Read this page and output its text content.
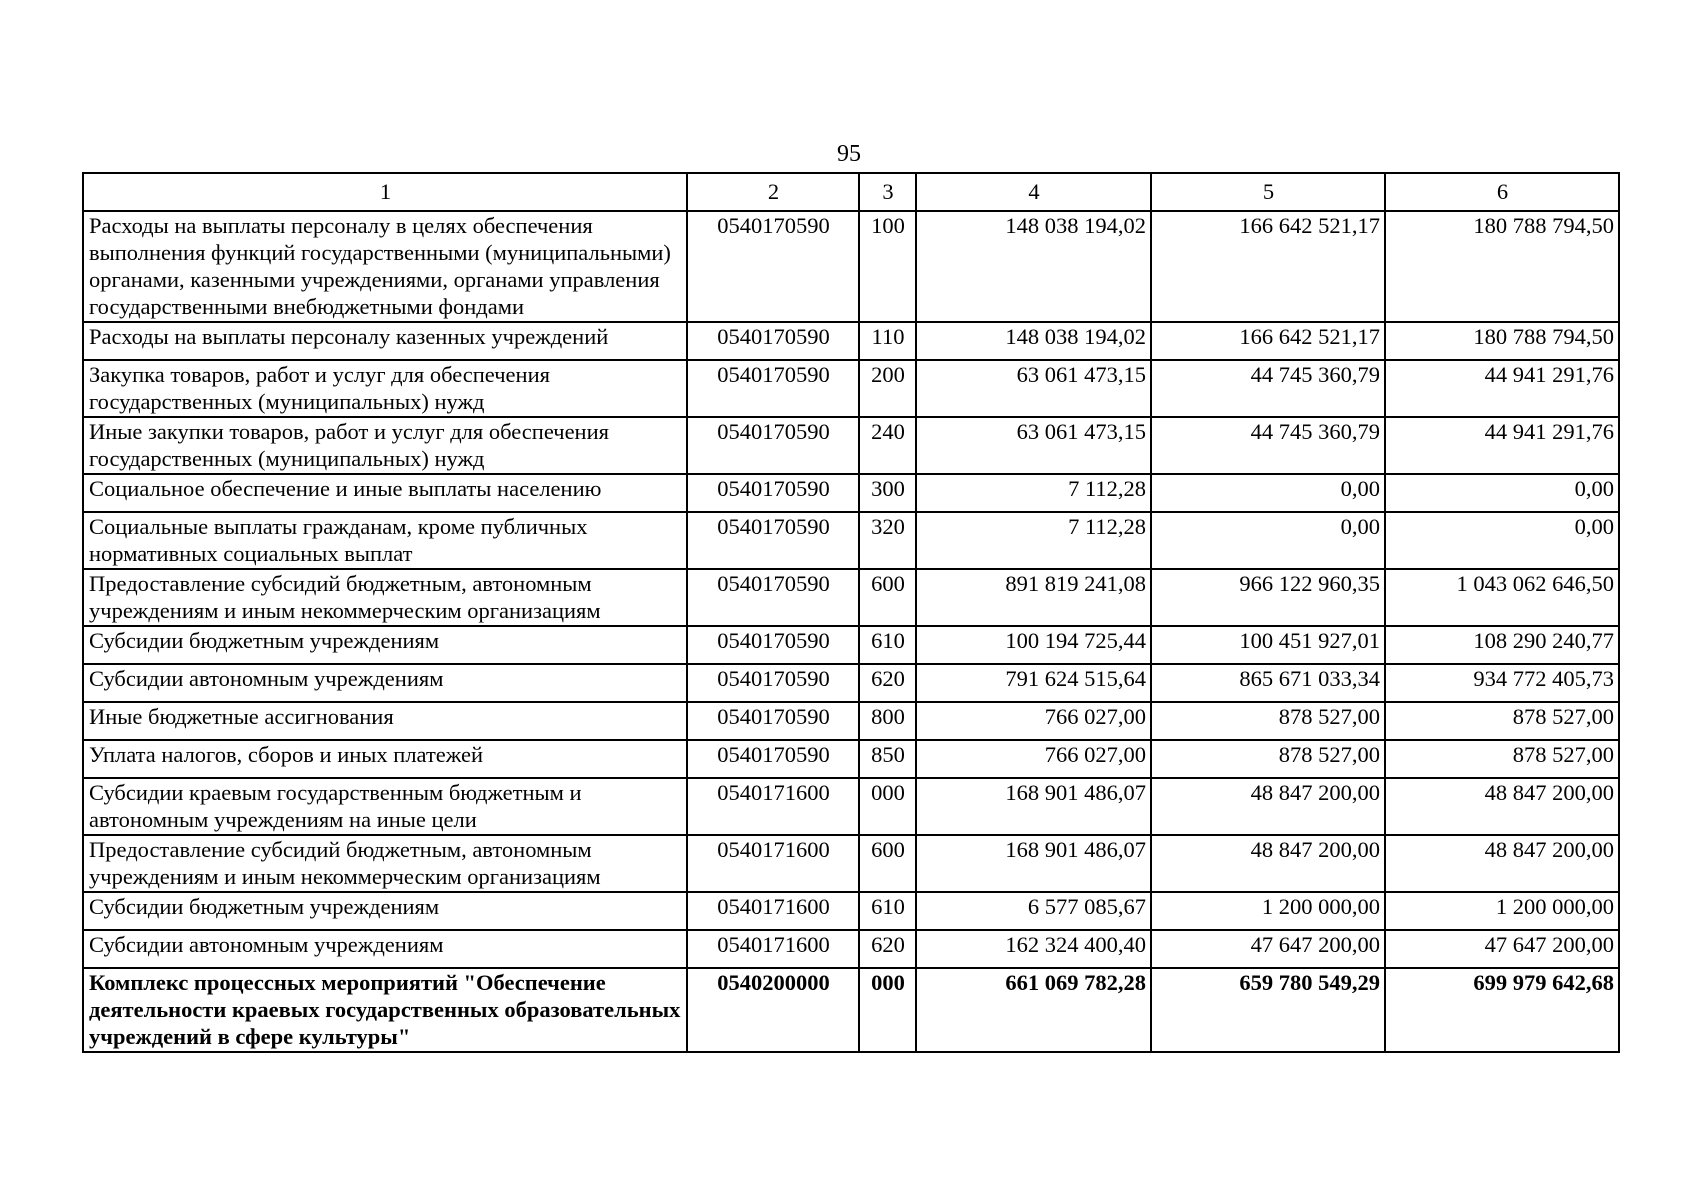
95
1	2	3	4	5	6
Расходы на выплаты персоналу в целях обеспечения выполнения функций государственными (муниципальными) органами, казенными учреждениями, органами управления государственными внебюджетными фондами	0540170590	100	148 038 194,02	166 642 521,17	180 788 794,50
Расходы на выплаты персоналу казенных учреждений	0540170590	110	148 038 194,02	166 642 521,17	180 788 794,50
Закупка товаров, работ и услуг для обеспечения государственных (муниципальных) нужд	0540170590	200	63 061 473,15	44 745 360,79	44 941 291,76
Иные закупки товаров, работ и услуг для обеспечения государственных (муниципальных) нужд	0540170590	240	63 061 473,15	44 745 360,79	44 941 291,76
Социальное обеспечение и иные выплаты населению	0540170590	300	7 112,28	0,00	0,00
Социальные выплаты гражданам, кроме публичных нормативных социальных выплат	0540170590	320	7 112,28	0,00	0,00
Предоставление субсидий бюджетным, автономным учреждениям и иным некоммерческим организациям	0540170590	600	891 819 241,08	966 122 960,35	1 043 062 646,50
Субсидии бюджетным учреждениям	0540170590	610	100 194 725,44	100 451 927,01	108 290 240,77
Субсидии автономным учреждениям	0540170590	620	791 624 515,64	865 671 033,34	934 772 405,73
Иные бюджетные ассигнования	0540170590	800	766 027,00	878 527,00	878 527,00
Уплата налогов, сборов и иных платежей	0540170590	850	766 027,00	878 527,00	878 527,00
Субсидии краевым государственным бюджетным и автономным учреждениям на иные цели	0540171600	000	168 901 486,07	48 847 200,00	48 847 200,00
Предоставление субсидий бюджетным, автономным учреждениям и иным некоммерческим организациям	0540171600	600	168 901 486,07	48 847 200,00	48 847 200,00
Субсидии бюджетным учреждениям	0540171600	610	6 577 085,67	1 200 000,00	1 200 000,00
Субсидии автономным учреждениям	0540171600	620	162 324 400,40	47 647 200,00	47 647 200,00
Комплекс процессных мероприятий "Обеспечение деятельности краевых государственных образовательных учреждений в сфере культуры"	0540200000	000	661 069 782,28	659 780 549,29	699 979 642,68
